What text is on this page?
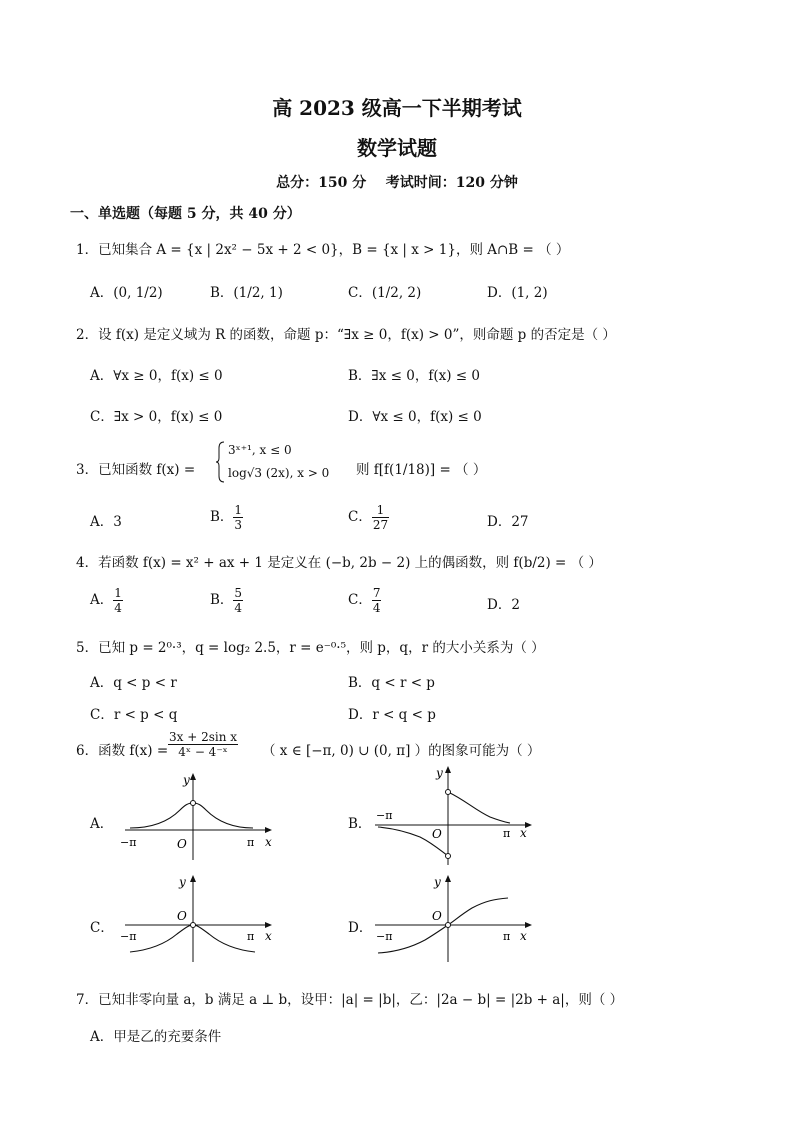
高 2023 级高一下半期考试
数学试题
总分：150 分    考试时间：120 分钟
一、单选题（每题 5 分，共 40 分）
1．已知集合 A = {x | 2x² − 5x + 2 < 0}，B = {x | x > 1}，则 A∩B = （ ）
A．(0, 1/2)	B．(1/2, 1)	C．(1/2, 2)	D．(1, 2)
2．设 f(x) 是定义域为 R 的函数，命题 p：“∃x ≥ 0，f(x) > 0”，则命题 p 的否定是（ ）
A．∀x ≥ 0，f(x) ≤ 0	B．∃x ≤ 0，f(x) ≤ 0
C．∃x > 0，f(x) ≤ 0	D．∀x ≤ 0，f(x) ≤ 0
3．已知函数 f(x) =
3ˣ⁺¹, x ≤ 0
log√3 (2x), x > 0 则 f[f(1/18)] = （ ）
A．3	B． $\frac{1}{3}$	C． $\frac{1}{27}$	D．27
4．若函数 f(x) = x² + ax + 1 是定义在 (−b, 2b − 2) 上的偶函数，则 f(b/2) = （ ）
A． $\frac{1}{4}$	B． $\frac{5}{4}$	C． $\frac{7}{4}$	D．2
5．已知 p = 2⁰·³，q = log₂ 2.5，r = e⁻⁰·⁵，则 p，q，r 的大小关系为（ ）
A．q < p < r	B．q < r < p
C．r < p < q	D．r < q < p
6．函数 $f(x) = \frac{\text{3x + 2sin x}}{\text{4ˣ − 4⁻ˣ}}$ （ x ∈ [−π, 0) ∪ (0, π] ）的图象可能为（ ）
A．	B．
C．	D．
y
x
O
−π	π
y
x
O
−π
π
y
x
O
−π	π
y
x
O
−π	π
7．已知非零向量 a，b 满足 a ⊥ b，设甲：|a| = |b|，乙：|2a − b| = |2b + a|，则（ ）
A．甲是乙的充要条件
